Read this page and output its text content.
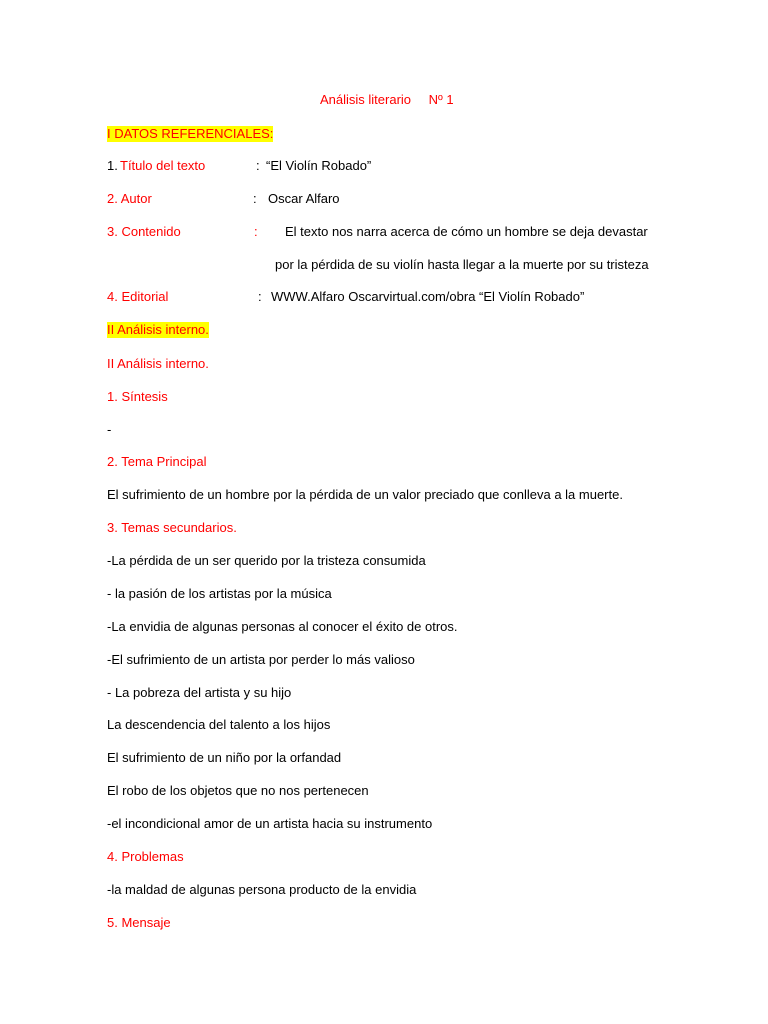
Análisis literario Nº 1
I DATOS REFERENCIALES:
1. Título del texto	: “El Violín Robado”
2. Autor	: Oscar Alfaro
3. Contenido	: El texto nos narra acerca de cómo un hombre se deja devastar
por la pérdida de su violín hasta llegar a la muerte por su tristeza
4. Editorial	: WWW.Alfaro Oscarvirtual.com/obra “El Violín Robado”
II Análisis interno.
II Análisis interno.
1. Síntesis
-
2. Tema Principal
El sufrimiento de un hombre por la pérdida de un valor preciado que conlleva a la muerte.
3. Temas secundarios.
-La pérdida de un ser querido por la tristeza consumida
- la pasión de los artistas por la música
-La envidia de algunas personas al conocer el éxito de otros.
-El sufrimiento de un artista por perder lo más valioso
- La pobreza del artista y su hijo
La descendencia del talento a los hijos
El sufrimiento de un niño por la orfandad
El robo de los objetos que no nos pertenecen
-el incondicional amor de un artista hacia su instrumento
4. Problemas
-la maldad de algunas persona producto de la envidia
5. Mensaje
